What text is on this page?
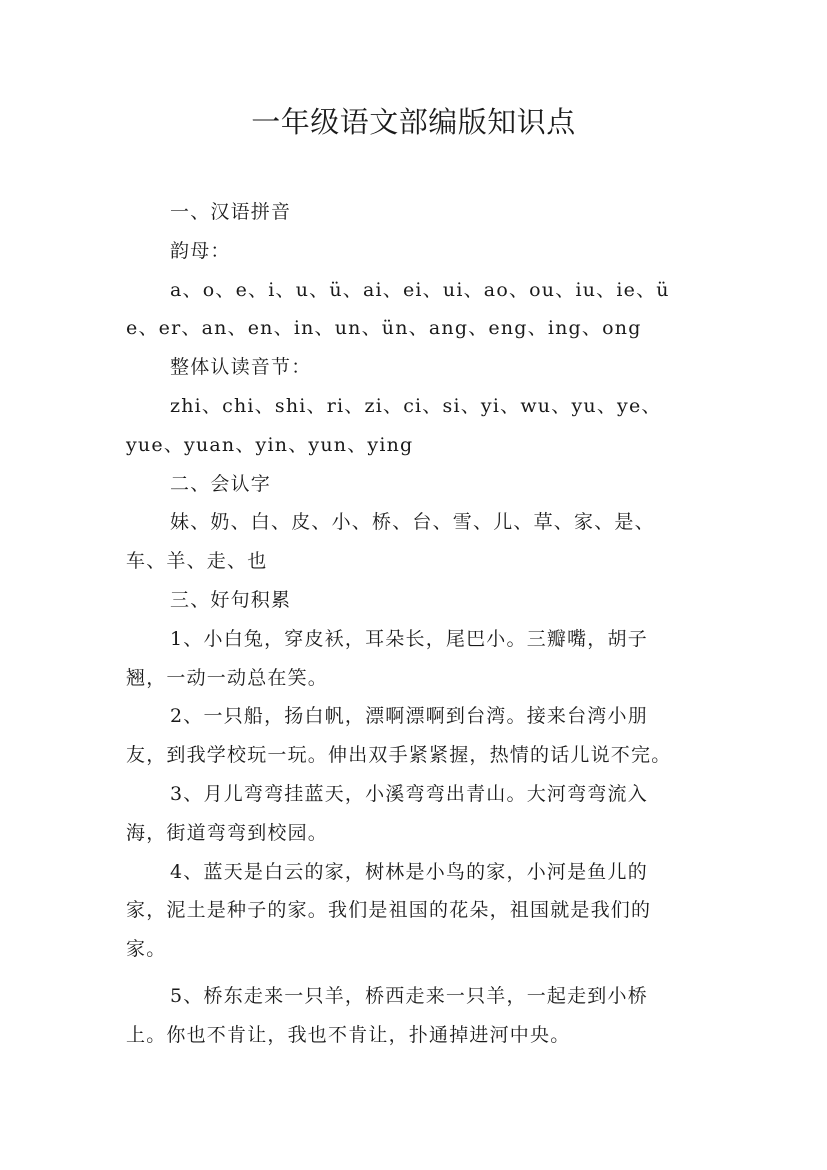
一年级语文部编版知识点
一、汉语拼音
韵母：
a、o、e、i、u、ü、ai、ei、ui、ao、ou、iu、ie、ü
e、er、an、en、in、un、ün、ang、eng、ing、ong
整体认读音节：
zhi、chi、shi、ri、zi、ci、si、yi、wu、yu、ye、
yue、yuan、yin、yun、ying
二、会认字
妹、奶、白、皮、小、桥、台、雪、儿、草、家、是、
车、羊、走、也
三、好句积累
1、小白兔，穿皮袄，耳朵长，尾巴小。三瓣嘴，胡子
翘，一动一动总在笑。
2、一只船，扬白帆，漂啊漂啊到台湾。接来台湾小朋
友，到我学校玩一玩。伸出双手紧紧握，热情的话儿说不完。
3、月儿弯弯挂蓝天，小溪弯弯出青山。大河弯弯流入
海，街道弯弯到校园。
4、蓝天是白云的家，树林是小鸟的家，小河是鱼儿的
家，泥土是种子的家。我们是祖国的花朵，祖国就是我们的
家。
5、桥东走来一只羊，桥西走来一只羊，一起走到小桥
上。你也不肯让，我也不肯让，扑通掉进河中央。
